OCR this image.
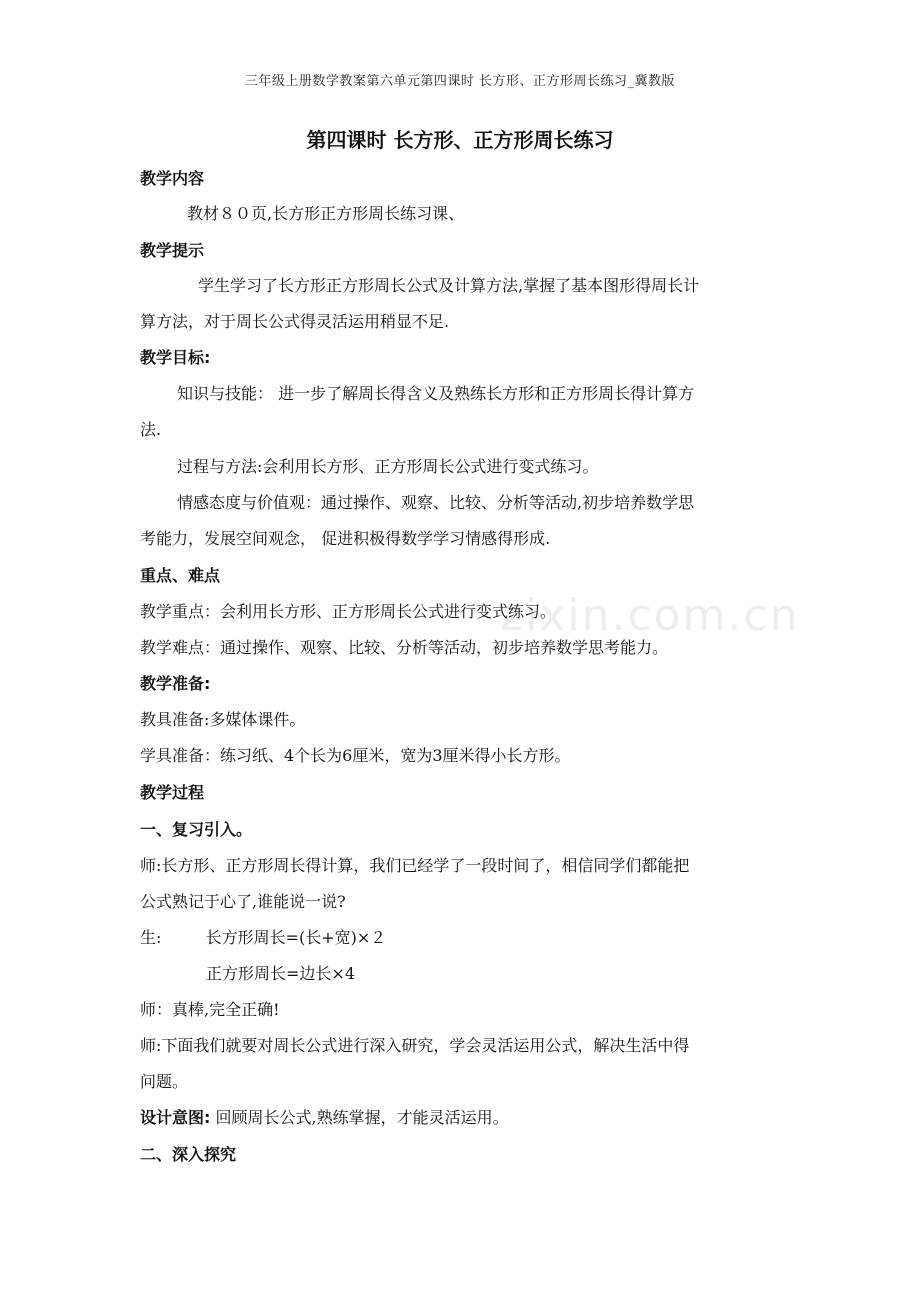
三年级上册数学教案第六单元第四课时 长方形、正方形周长练习_冀教版
第四课时 长方形、正方形周长练习
教学内容
教材８０页,长方形正方形周长练习课、
教学提示
学生学习了长方形正方形周长公式及计算方法,掌握了基本图形得周长计
算方法，对于周长公式得灵活运用稍显不足.
教学目标:
知识与技能： 进一步了解周长得含义及熟练长方形和正方形周长得计算方
法.
过程与方法:会利用长方形、正方形周长公式进行变式练习。
情感态度与价值观：通过操作、观察、比较、分析等活动,初步培养数学思
考能力，发展空间观念， 促进积极得数学学习情感得形成.
重点、难点
教学重点：会利用长方形、正方形周长公式进行变式练习。
教学难点：通过操作、观察、比较、分析等活动，初步培养数学思考能力。
教学准备:
教具准备:多媒体课件。
学具准备：练习纸、4个长为6厘米，宽为3厘米得小长方形。
教学过程
一、复习引入。
师:长方形、正方形周长得计算，我们已经学了一段时间了，相信同学们都能把
公式熟记于心了,谁能说一说?
生:	长方形周长=(长+宽)×２
正方形周长=边长×4
师：真棒,完全正确!
师:下面我们就要对周长公式进行深入研究，学会灵活运用公式，解决生活中得
问题。
设计意图: 回顾周长公式,熟练掌握，才能灵活运用。
二、深入探究
zixin.com.cn
